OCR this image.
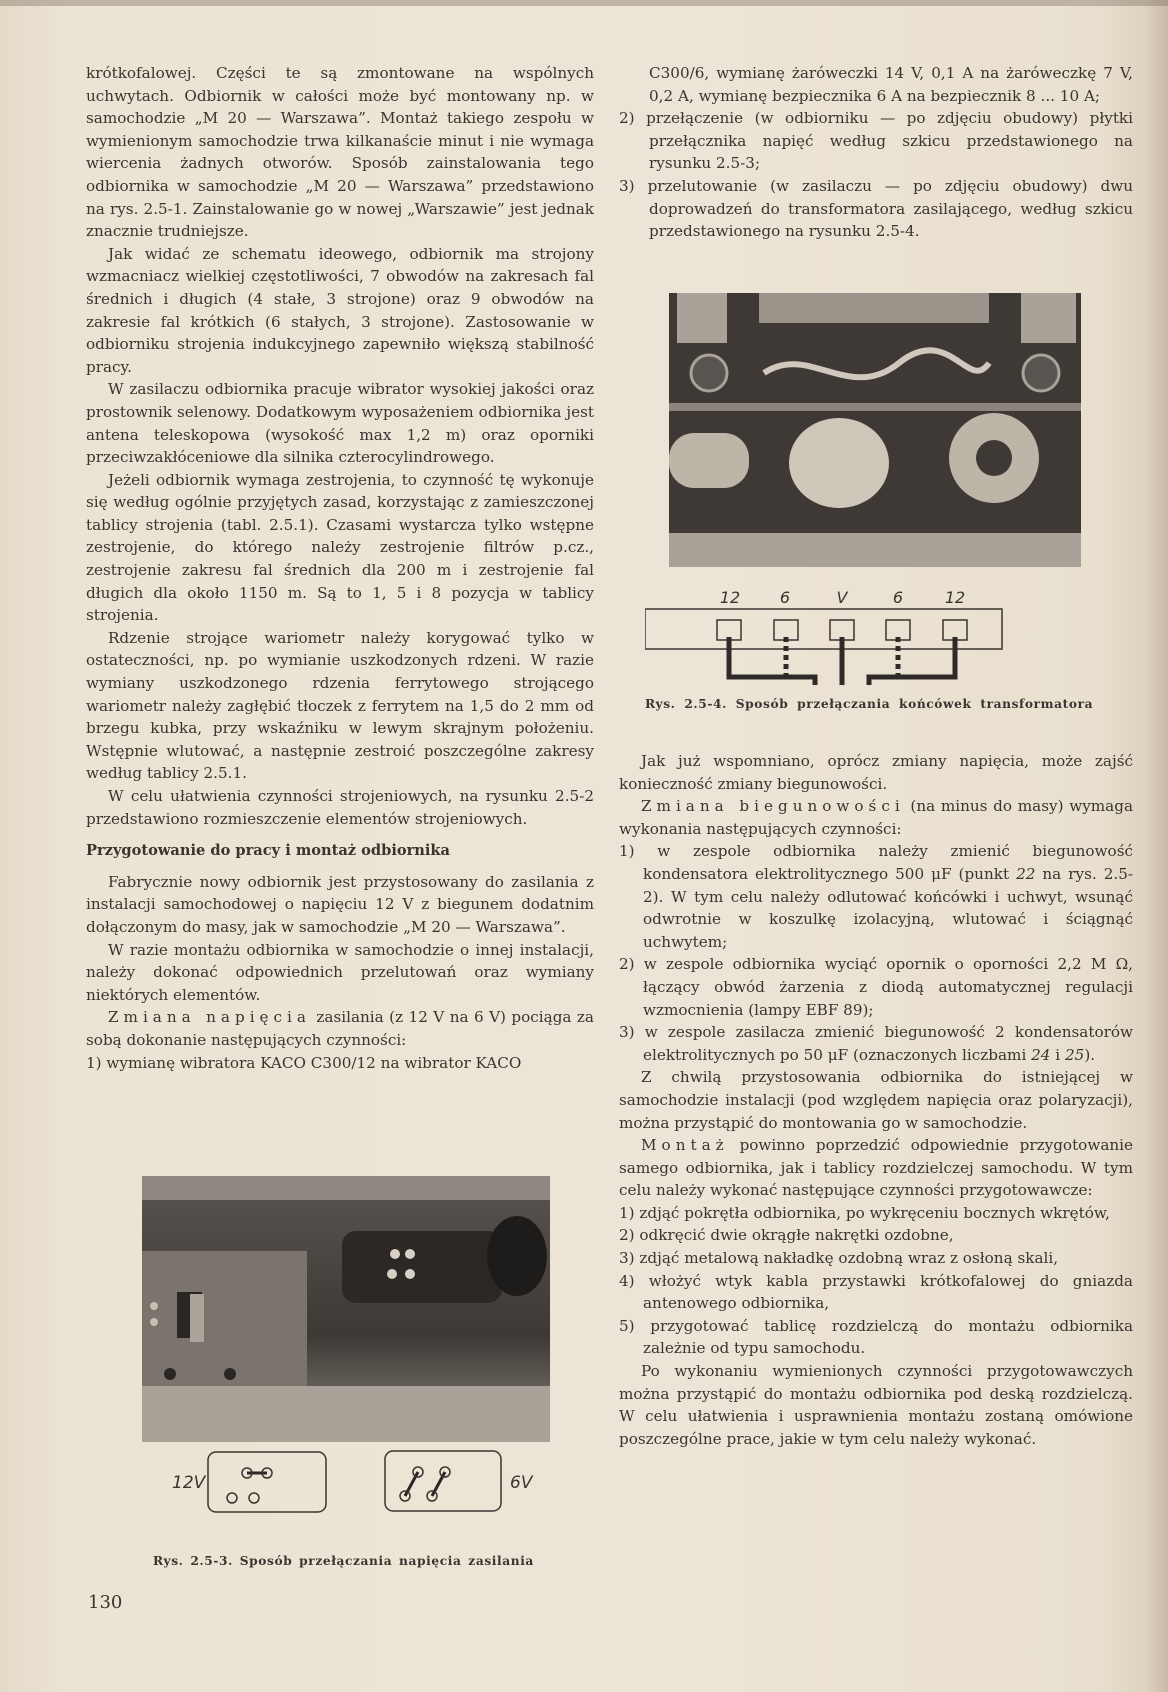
krótkofalowej. Części te są zmontowane na wspólnych uchwytach. Odbiornik w całości może być montowany np. w samochodzie „M 20 — Warszawa”. Montaż takiego zespołu w wymienionym samochodzie trwa kilkanaście minut i nie wymaga wiercenia żadnych otworów. Sposób zainstalowania tego odbiornika w samochodzie „M 20 — Warszawa” przedstawiono na rys. 2.5-1. Zainstalowanie go w nowej „Warszawie” jest jednak znacznie trudniejsze.

Jak widać ze schematu ideowego, odbiornik ma strojony wzmacniacz wielkiej częstotliwości, 7 obwodów na zakresach fal średnich i długich (4 stałe, 3 strojone) oraz 9 obwodów na zakresie fal krótkich (6 stałych, 3 strojone). Zastosowanie w odbiorniku strojenia indukcyjnego zapewniło większą stabilność pracy.

W zasilaczu odbiornika pracuje wibrator wysokiej jakości oraz prostownik selenowy. Dodatkowym wyposażeniem odbiornika jest antena teleskopowa (wysokość max 1,2 m) oraz oporniki przeciwzakłóceniowe dla silnika czterocylindrowego.

Jeżeli odbiornik wymaga zestrojenia, to czynność tę wykonuje się według ogólnie przyjętych zasad, korzystając z zamieszczonej tablicy strojenia (tabl. 2.5.1). Czasami wystarcza tylko wstępne zestrojenie, do którego należy zestrojenie filtrów p.cz., zestrojenie zakresu fal średnich dla 200 m i zestrojenie fal długich dla około 1150 m. Są to 1, 5 i 8 pozycja w tablicy strojenia.

Rdzenie strojące wariometr należy korygować tylko w ostateczności, np. po wymianie uszkodzonych rdzeni. W razie wymiany uszkodzonego rdzenia ferrytowego strojącego wariometr należy zagłębić tłoczek z ferrytem na 1,5 do 2 mm od brzegu kubka, przy wskaźniku w lewym skrajnym położeniu. Wstępnie wlutować, a następnie zestroić poszczególne zakresy według tablicy 2.5.1.

W celu ułatwienia czynności strojeniowych, na rysunku 2.5-2 przedstawiono rozmieszczenie elementów strojeniowych.

Przygotowanie do pracy i montaż odbiornika

Fabrycznie nowy odbiornik jest przystosowany do zasilania z instalacji samochodowej o napięciu 12 V z biegunem dodatnim dołączonym do masy, jak w samochodzie „M 20 — Warszawa”.

W razie montażu odbiornika w samochodzie o innej instalacji, należy dokonać odpowiednich przelutowań oraz wymiany niektórych elementów.

Zmiana napięcia zasilania (z 12 V na 6 V) pociąga za sobą dokonanie następujących czynności:

1) wymianę wibratora KACO C300/12 na wibrator KACO

12V	6V
Rys. 2.5-3. Sposób przełączania napięcia zasilania
130

C300/6, wymianę żaróweczki 14 V, 0,1 A na żaróweczkę 7 V, 0,2 A, wymianę bezpiecznika 6 A na bezpiecznik 8 ... 10 A;

2) przełączenie (w odbiorniku — po zdjęciu obudowy) płytki przełącznika napięć według szkicu przedstawionego na rysunku 2.5-3;

3) przelutowanie (w zasilaczu — po zdjęciu obudowy) dwu doprowadzeń do transformatora zasilającego, według szkicu przedstawionego na rysunku 2.5-4.

12 6	V	6	12
Rys. 2.5-4. Sposób przełączania końcówek transformatora

Jak już wspomniano, oprócz zmiany napięcia, może zajść konieczność zmiany biegunowości.

Zmiana biegunowości (na minus do masy) wymaga wykonania następujących czynności:

1) w zespole odbiornika należy zmienić biegunowość kondensatora elektrolitycznego 500 μF (punkt 22 na rys. 2.5-2). W tym celu należy odlutować końcówki i uchwyt, wsunąć odwrotnie w koszulkę izolacyjną, wlutować i ściągnąć uchwytem;

2) w zespole odbiornika wyciąć opornik o oporności 2,2 M Ω, łączący obwód żarzenia z diodą automatycznej regulacji wzmocnienia (lampy EBF 89);

3) w zespole zasilacza zmienić biegunowość 2 kondensatorów elektrolitycznych po 50 μF (oznaczonych liczbami 24 i 25).

Z chwilą przystosowania odbiornika do istniejącej w samochodzie instalacji (pod względem napięcia oraz polaryzacji), można przystąpić do montowania go w samochodzie.

Montaż powinno poprzedzić odpowiednie przygotowanie samego odbiornika, jak i tablicy rozdzielczej samochodu. W tym celu należy wykonać następujące czynności przygotowawcze:

1) zdjąć pokrętła odbiornika, po wykręceniu bocznych wkrętów,

2) odkręcić dwie okrągłe nakrętki ozdobne,

3) zdjąć metalową nakładkę ozdobną wraz z osłoną skali,

4) włożyć wtyk kabla przystawki krótkofalowej do gniazda antenowego odbiornika,

5) przygotować tablicę rozdzielczą do montażu odbiornika zależnie od typu samochodu.

Po wykonaniu wymienionych czynności przygotowawczych można przystąpić do montażu odbiornika pod deską rozdzielczą. W celu ułatwienia i usprawnienia montażu zostaną omówione poszczególne prace, jakie w tym celu należy wykonać.
